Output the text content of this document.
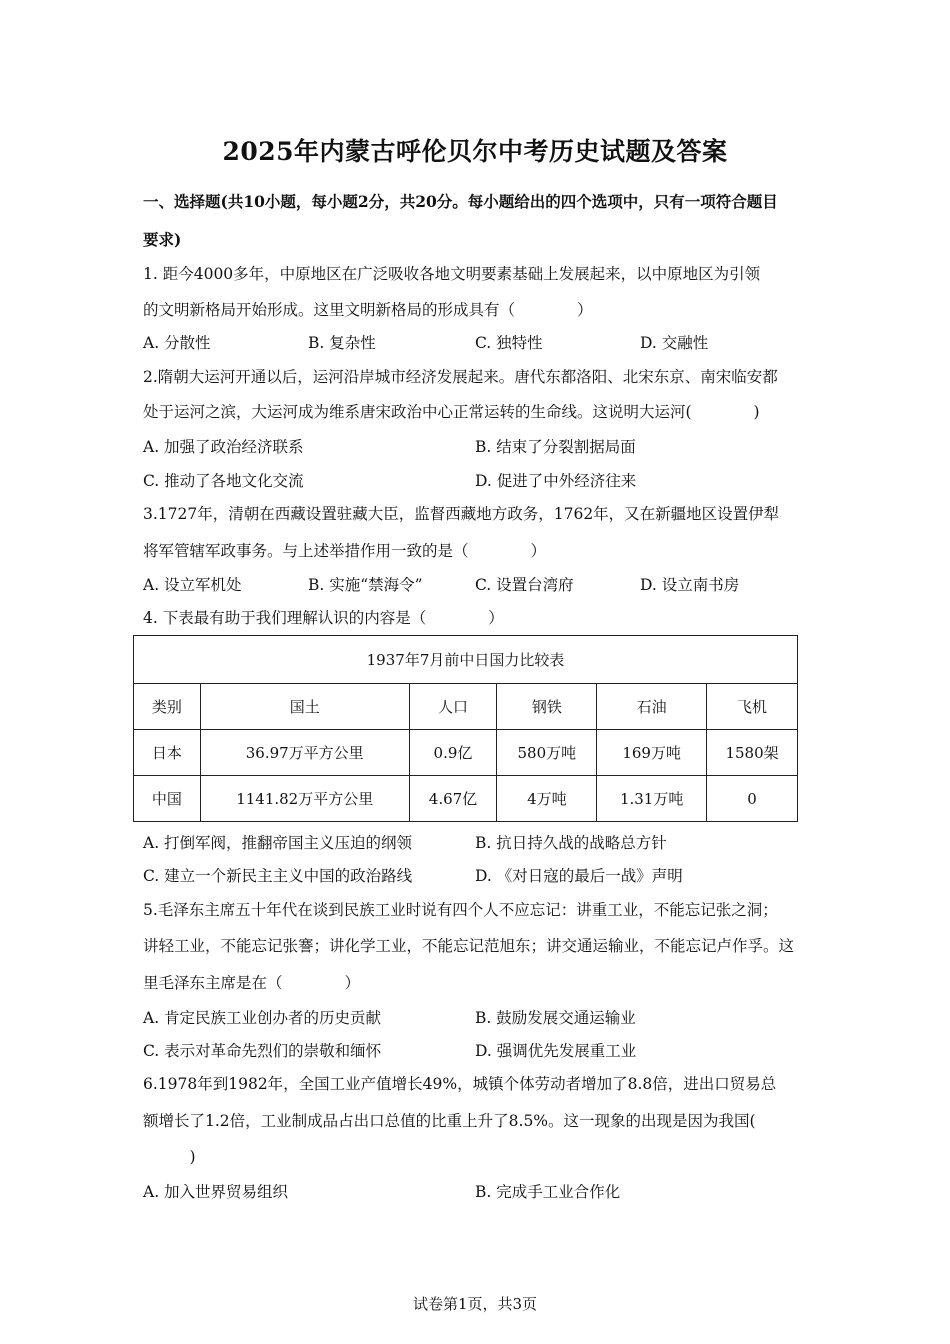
2025年内蒙古呼伦贝尔中考历史试题及答案
一、选择题(共10小题，每小题2分，共20分。每小题给出的四个选项中，只有一项符合题目
要求)
1. 距今4000多年，中原地区在广泛吸收各地文明要素基础上发展起来，以中原地区为引领
的文明新格局开始形成。这里文明新格局的形成具有（　　　　）
A. 分散性	B. 复杂性	C. 独特性	D. 交融性
2.隋朝大运河开通以后，运河沿岸城市经济发展起来。唐代东都洛阳、北宋东京、南宋临安都
处于运河之滨，大运河成为维系唐宋政治中心正常运转的生命线。这说明大运河(　　　　)
A. 加强了政治经济联系	B. 结束了分裂割据局面
C. 推动了各地文化交流	D. 促进了中外经济往来
3.1727年，清朝在西藏设置驻藏大臣，监督西藏地方政务，1762年，又在新疆地区设置伊犁
将军管辖军政事务。与上述举措作用一致的是（　　　　）
A. 设立军机处	B. 实施“禁海令”	C. 设置台湾府	D. 设立南书房
4. 下表最有助于我们理解认识的内容是（　　　　）
1937年7月前中日国力比较表					
类别	国土	人口	钢铁	石油	飞机
日本	36.97万平方公里	0.9亿	580万吨	169万吨	1580架
中国	1141.82万平方公里	4.67亿	4万吨	1.31万吨	0
A. 打倒军阀，推翻帝国主义压迫的纲领	B. 抗日持久战的战略总方针
C. 建立一个新民主主义中国的政治路线	D. 《对日寇的最后一战》声明
5.毛泽东主席五十年代在谈到民族工业时说有四个人不应忘记：讲重工业，不能忘记张之洞；
讲轻工业，不能忘记张謇；讲化学工业，不能忘记范旭东；讲交通运输业，不能忘记卢作孚。这
里毛泽东主席是在（　　　　）
A. 肯定民族工业创办者的历史贡献	B. 鼓励发展交通运输业
C. 表示对革命先烈们的崇敬和缅怀	D. 强调优先发展重工业
6.1978年到1982年，全国工业产值增长49%，城镇个体劳动者增加了8.8倍，进出口贸易总
额增长了1.2倍，工业制成品占出口总值的比重上升了8.5%。这一现象的出现是因为我国(
　　　)
A. 加入世界贸易组织	B. 完成手工业合作化
试卷第1页，共3页
